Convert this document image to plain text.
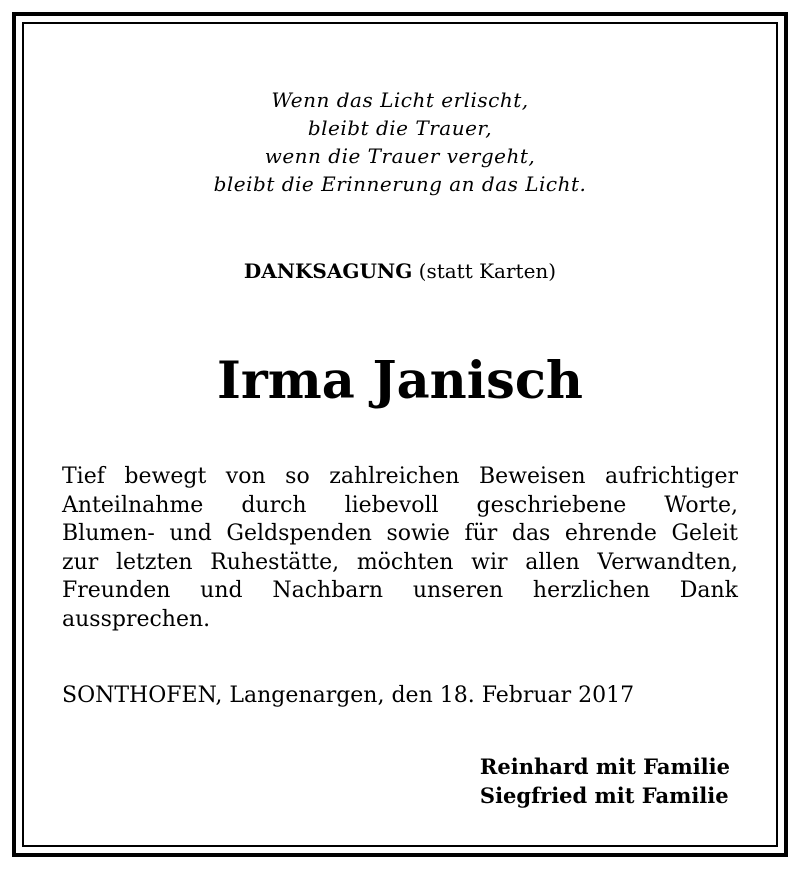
Wenn das Licht erlischt,
bleibt die Trauer,
wenn die Trauer vergeht,
bleibt die Erinnerung an das Licht.
DANKSAGUNG (statt Karten)
Irma Janisch
Tief bewegt von so zahlreichen Beweisen aufrichtiger
Anteilnahme durch liebevoll geschriebene Worte,
Blumen- und Geldspenden sowie für das ehrende Geleit
zur letzten Ruhestätte, möchten wir allen Verwandten,
Freunden und Nachbarn unseren herzlichen Dank
aussprechen.
SONTHOFEN, Langenargen, den 18. Februar 2017
Reinhard mit Familie
Siegfried mit Familie
